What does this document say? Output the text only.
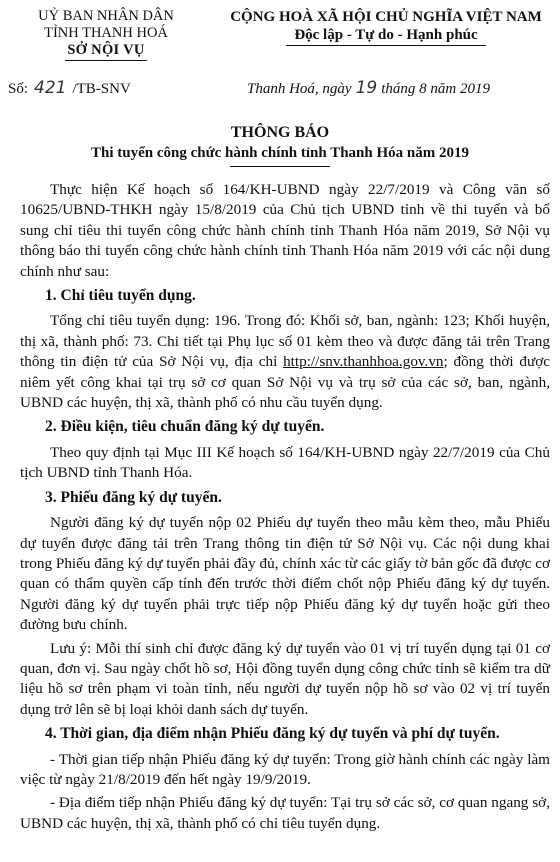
UỶ BAN NHÂN DÂN
TỈNH THANH HOÁ
SỞ NỘI VỤ
CỘNG HOÀ XÃ HỘI CHỦ NGHĨA VIỆT NAM
Độc lập - Tự do - Hạnh phúc
Số: 421 /TB-SNV	Thanh Hoá, ngày 19 tháng 8 năm 2019
THÔNG BÁO
Thi tuyển công chức hành chính tỉnh Thanh Hóa năm 2019

Thực hiện Kế hoạch số 164/KH-UBND ngày 22/7/2019 và Công văn số 10625/UBND-THKH ngày 15/8/2019 của Chủ tịch UBND tỉnh về thi tuyển và bổ sung chỉ tiêu thi tuyển công chức hành chính tỉnh Thanh Hóa năm 2019, Sở Nội vụ thông báo thi tuyển công chức hành chính tỉnh Thanh Hóa năm 2019 với các nội dung chính như sau:

1. Chỉ tiêu tuyển dụng.

Tổng chỉ tiêu tuyển dụng: 196. Trong đó: Khối sở, ban, ngành: 123; Khối huyện, thị xã, thành phố: 73. Chi tiết tại Phụ lục số 01 kèm theo và được đăng tải trên Trang thông tin điện tử của Sở Nội vụ, địa chỉ http://snv.thanhhoa.gov.vn; đồng thời được niêm yết công khai tại trụ sở cơ quan Sở Nội vụ và trụ sở của các sở, ban, ngành, UBND các huyện, thị xã, thành phố có nhu cầu tuyển dụng.

2. Điều kiện, tiêu chuẩn đăng ký dự tuyển.

Theo quy định tại Mục III Kế hoạch số 164/KH-UBND ngày 22/7/2019 của Chủ tịch UBND tỉnh Thanh Hóa.

3. Phiếu đăng ký dự tuyển.

Người đăng ký dự tuyển nộp 02 Phiếu dự tuyển theo mẫu kèm theo, mẫu Phiếu dự tuyển được đăng tải trên Trang thông tin điện tử Sở Nội vụ. Các nội dung khai trong Phiếu đăng ký dự tuyển phải đầy đủ, chính xác từ các giấy tờ bản gốc đã được cơ quan có thẩm quyền cấp tính đến trước thời điểm chốt nộp Phiếu đăng ký dự tuyển. Người đăng ký dự tuyển phải trực tiếp nộp Phiếu đăng ký dự tuyển hoặc gửi theo đường bưu chính.

Lưu ý: Mỗi thí sinh chỉ được đăng ký dự tuyển vào 01 vị trí tuyển dụng tại 01 cơ quan, đơn vị. Sau ngày chốt hồ sơ, Hội đồng tuyển dụng công chức tỉnh sẽ kiểm tra dữ liệu hồ sơ trên phạm vi toàn tỉnh, nếu người dự tuyển nộp hồ sơ vào 02 vị trí tuyển dụng trở lên sẽ bị loại khỏi danh sách dự tuyển.

4. Thời gian, địa điểm nhận Phiếu đăng ký dự tuyển và phí dự tuyển.

- Thời gian tiếp nhận Phiếu đăng ký dự tuyển: Trong giờ hành chính các ngày làm việc từ ngày 21/8/2019 đến hết ngày 19/9/2019.

- Địa điểm tiếp nhận Phiếu đăng ký dự tuyển: Tại trụ sở các sở, cơ quan ngang sở, UBND các huyện, thị xã, thành phố có chỉ tiêu tuyển dụng.
